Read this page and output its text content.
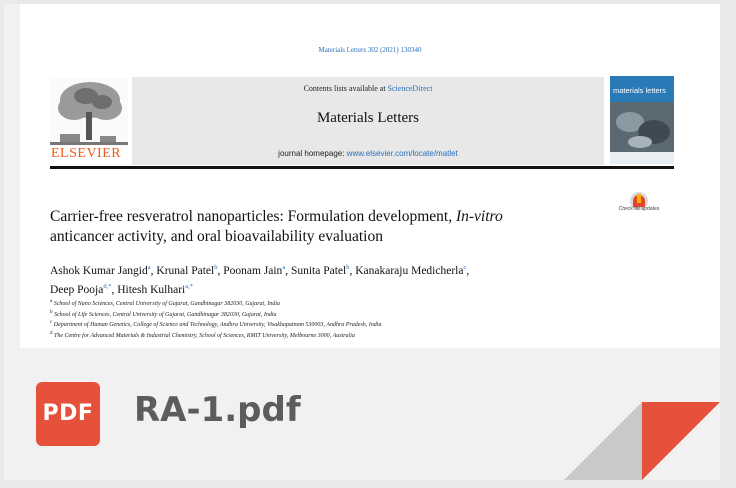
Materials Letters 302 (2021) 130340
ELSEVIER
Contents lists available at ScienceDirect
Materials Letters
journal homepage: www.elsevier.com/locate/matlet
materials letters
Check for updates
Carrier-free resveratrol nanoparticles: Formulation development, In-vitro
anticancer activity, and oral bioavailability evaluation
Ashok Kumar Jangid$^a$, Krunal Patel$^b$, Poonam Jain$^a$, Sunita Patel$^b$, Kanakaraju Medicherla$^c$,
Deep Pooja$^{d,*}$, Hitesh Kulhari$^{a,*}$
$^a$ School of Nano Sciences, Central University of Gujarat, Gandhinagar 382030, Gujarat, India
$^b$ School of Life Sciences, Central University of Gujarat, Gandhinagar 382030, Gujarat, India
$^c$ Department of Human Genetics, College of Science and Technology, Andhra University, Visakhapatnam 530003, Andhra Pradesh, India
$^d$ The Centre for Advanced Materials & Industrial Chemistry, School of Sciences, RMIT University, Melbourne 3000, Australia
PDF RA-1.pdf
